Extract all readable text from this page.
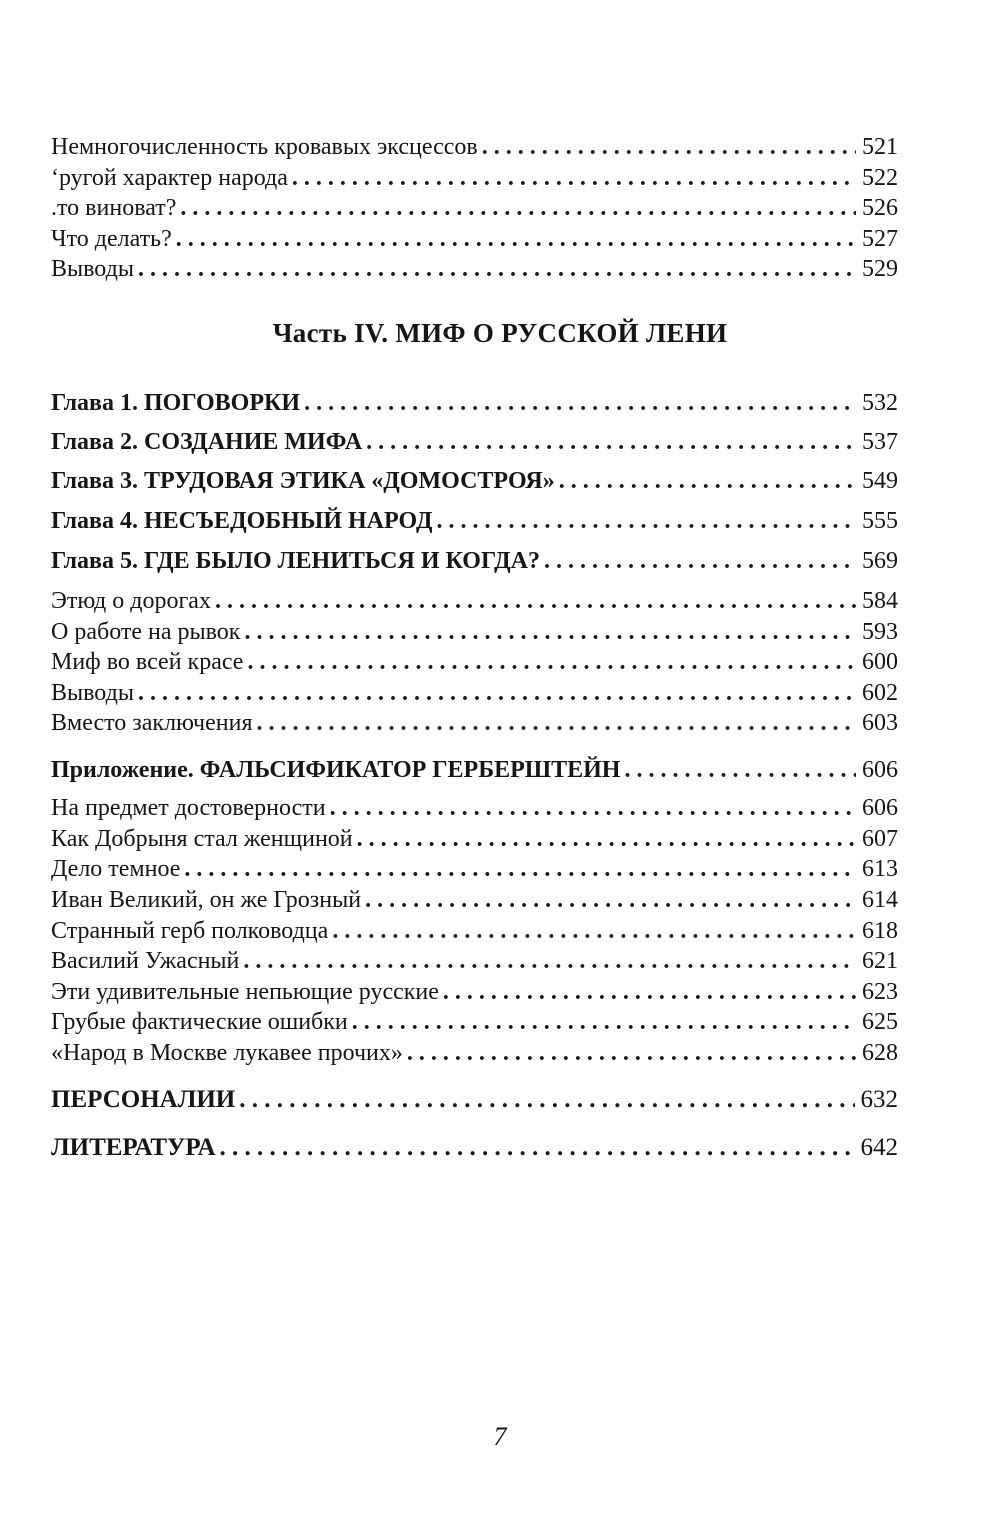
Немногочисленность кровавых эксцессов . . .	521
ʻругой характер народа . . .	522
.то виноват? . . .	526
Что делать? . . .	527
Выводы . . .	529
Глава 1. ПОГОВОРКИ . . .	532
Глава 2. СОЗДАНИЕ МИФА . . .	537
Глава 3. ТРУДОВАЯ ЭТИКА «ДОМОСТРОЯ» . . .	549
Глава 4. НЕСЪЕДОБНЫЙ НАРОД . . .	555
Глава 5. ГДЕ БЫЛО ЛЕНИТЬСЯ И КОГДА? . . .	569
Этюд о дорогах . . .	584
О работе на рывок . . .	593
Миф во всей красе . . .	600
Выводы . . .	602
Вместо заключения . . .	603
Приложение. ФАЛЬСИФИКАТОР ГЕРБЕРШТЕЙН . . .	606
На предмет достоверности . . .	606
Как Добрыня стал женщиной . . .	607
Дело темное . . .	613
Иван Великий, он же Грозный . . .	614
Странный герб полководца . . .	618
Василий Ужасный . . .	621
Эти удивительные непьющие русские . . .	623
Грубые фактические ошибки . . .	625
«Народ в Москве лукавее прочих» . . .	628
ПЕРСОНАЛИИ . . .	632
ЛИТЕРАТУРА . . .	642
Часть IV. МИФ О РУССКОЙ ЛЕНИ
7
